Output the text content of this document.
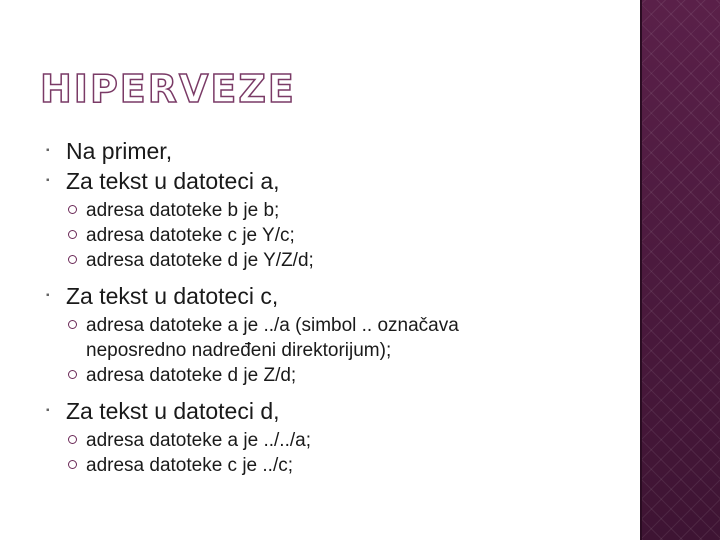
HIPERVEZE

▪ Na primer,

▪ Za tekst u datoteci a,

adresa datoteke b je b;

adresa datoteke c je Y/c;

adresa datoteke d je Y/Z/d;

▪ Za tekst u datoteci c,

adresa datoteke a je ../a (simbol .. označava

neposredno nadređeni direktorijum);

adresa datoteke d je Z/d;

▪ Za tekst u datoteci d,

adresa datoteke a je ../../a;

adresa datoteke c je ../c;
